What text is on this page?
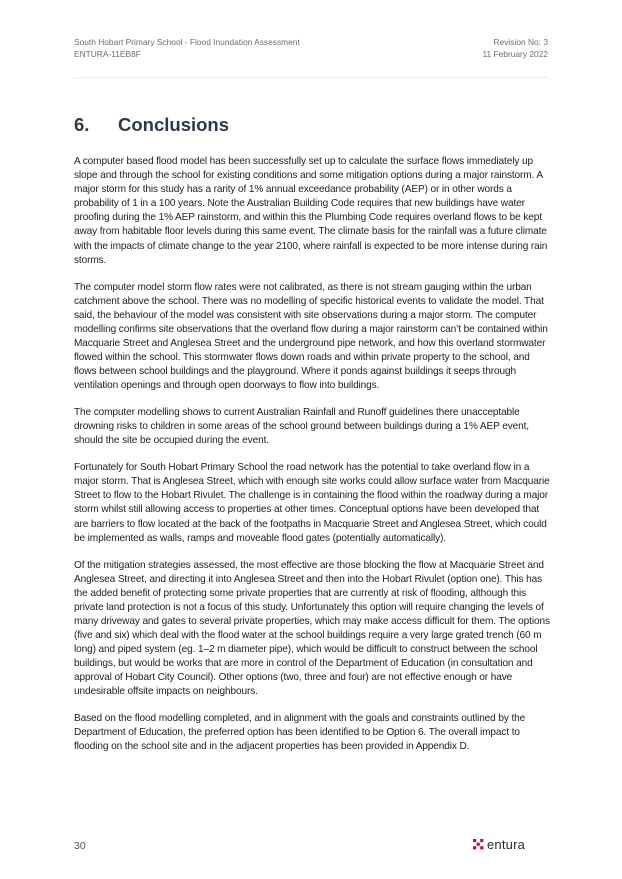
South Hobart Primary School - Flood Inundation Assessment
ENTURA-11EB8F
Revision No: 3
11 February 2022
6. Conclusions

A computer based flood model has been successfully set up to calculate the surface flows immediately up slope and through the school for existing conditions and some mitigation options during a major rainstorm. A major storm for this study has a rarity of 1% annual exceedance probability (AEP) or in other words a probability of 1 in a 100 years. Note the Australian Building Code requires that new buildings have water proofing during the 1% AEP rainstorm, and within this the Plumbing Code requires overland flows to be kept away from habitable floor levels during this same event. The climate basis for the rainfall was a future climate with the impacts of climate change to the year 2100, where rainfall is expected to be more intense during rain storms.

The computer model storm flow rates were not calibrated, as there is not stream gauging within the urban catchment above the school. There was no modelling of specific historical events to validate the model. That said, the behaviour of the model was consistent with site observations during a major storm. The computer modelling confirms site observations that the overland flow during a major rainstorm can’t be contained within Macquarie Street and Anglesea Street and the underground pipe network, and how this overland stormwater flowed within the school. This stormwater flows down roads and within private property to the school, and flows between school buildings and the playground. Where it ponds against buildings it seeps through ventilation openings and through open doorways to flow into buildings.

The computer modelling shows to current Australian Rainfall and Runoff guidelines there unacceptable drowning risks to children in some areas of the school ground between buildings during a 1% AEP event, should the site be occupied during the event.

Fortunately for South Hobart Primary School the road network has the potential to take overland flow in a major storm. That is Anglesea Street, which with enough site works could allow surface water from Macquarie Street to flow to the Hobart Rivulet. The challenge is in containing the flood within the roadway during a major storm whilst still allowing access to properties at other times. Conceptual options have been developed that are barriers to flow located at the back of the footpaths in Macquarie Street and Anglesea Street, which could be implemented as walls, ramps and moveable flood gates (potentially automatically).

Of the mitigation strategies assessed, the most effective are those blocking the flow at Macquarie Street and Anglesea Street, and directing it into Anglesea Street and then into the Hobart Rivulet (option one). This has the added benefit of protecting some private properties that are currently at risk of flooding, although this private land protection is not a focus of this study. Unfortunately this option will require changing the levels of many driveway and gates to several private properties, which may make access difficult for them. The options (five and six) which deal with the flood water at the school buildings require a very large grated trench (60 m long) and piped system (eg. 1–2 m diameter pipe), which would be difficult to construct between the school buildings, but would be works that are more in control of the Department of Education (in consultation and approval of Hobart City Council). Other options (two, three and four) are not effective enough or have undesirable offsite impacts on neighbours.

Based on the flood modelling completed, and in alignment with the goals and constraints outlined by the Department of Education, the preferred option has been identified to be Option 6. The overall impact to flooding on the school site and in the adjacent properties has been provided in Appendix D.

30	entura
